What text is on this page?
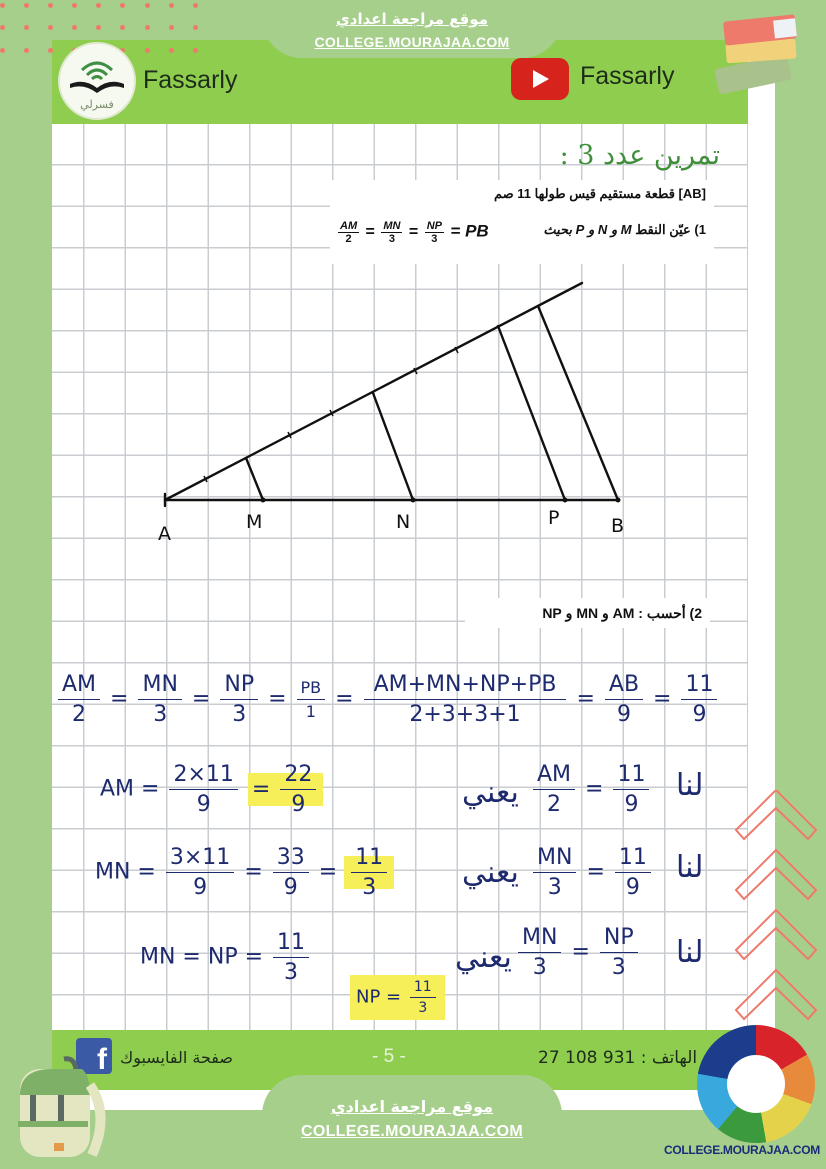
فسرلي
Fassarly	Fassarly
موقع مراجعة اعدادي
COLLEGE.MOURAJAA.COM
تمرين عدد 3 :
[AB] قطعة مستقيم قيس طولها 11 صم
1) عيّن النقط M و N و P بحيث
$\frac{AM}{2} = \frac{MN}{3} = \frac{NP}{3}$ = PB
A
M	N	P	B
2) أحسب : AM و MN و NP
$\frac{AM}{2} = \frac{MN}{3} = \frac{NP}{3} = \frac{PB}{1} = \frac{AM+MN+NP+PB}{2+3+3+1} = \frac{AB}{9} = \frac{11}{9}$
AM = $\frac{2\times 11}{9} = \frac{22}{9}$	$\frac{AM}{2} = \frac{11}{9}$
يعني	لنا
MN = $\frac{3\times 11}{9} = \frac{33}{9} = \frac{11}{3}$	$\frac{MN}{3} = \frac{11}{9}$
يعني	لنا
MN = NP = $\frac{11}{3}$	$\frac{MN}{3} = \frac{NP}{3}$
يعني	لنا
NP = $\frac{11}{3}$
f صفحة الفايسبوك	- 5 -	الهاتف : 931 108 27
موقع مراجعة اعدادي
COLLEGE.MOURAJAA.COM
COLLEGE.MOURAJAA.COM
